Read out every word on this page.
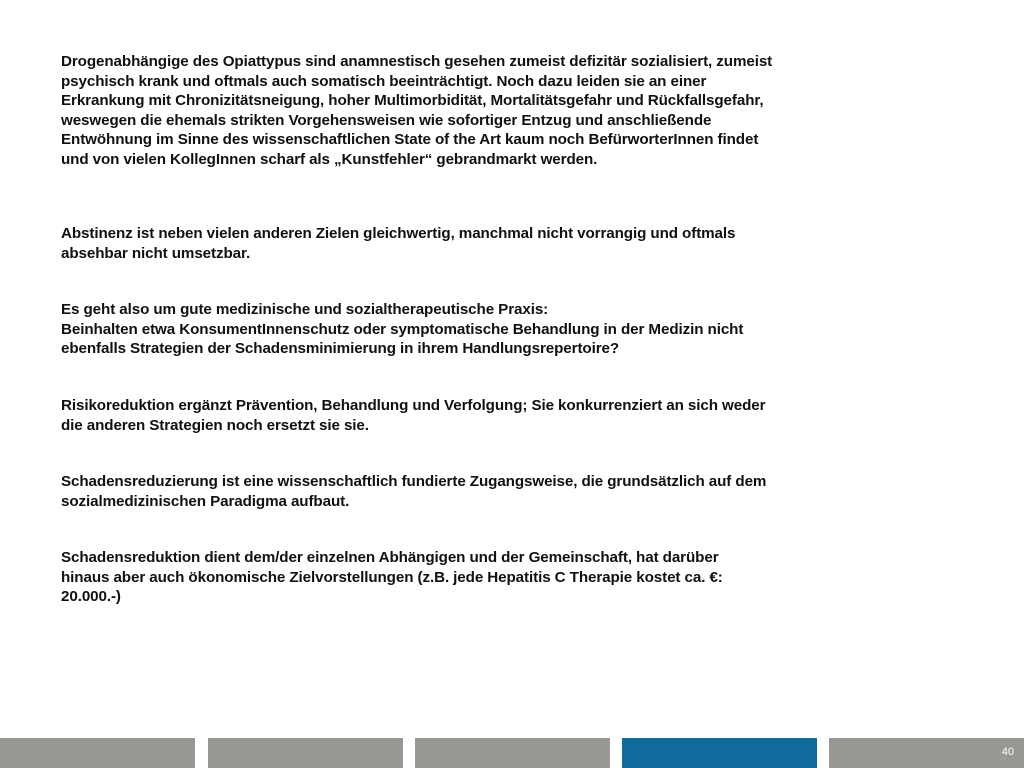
Drogenabhängige des Opiattypus sind anamnestisch gesehen zumeist defizitär sozialisiert, zumeist
psychisch krank und oftmals auch somatisch beeinträchtigt. Noch dazu leiden sie an einer
Erkrankung mit Chronizitätsneigung, hoher Multimorbidität, Mortalitätsgefahr und Rückfallsgefahr,
weswegen die ehemals strikten Vorgehensweisen wie sofortiger Entzug und anschließende
Entwöhnung im Sinne des wissenschaftlichen State of the Art kaum noch BefürworterInnen findet
und von vielen KollegInnen scharf als „Kunstfehler“ gebrandmarkt werden.

Abstinenz ist neben vielen anderen Zielen gleichwertig, manchmal nicht vorrangig und oftmals
absehbar nicht umsetzbar.

Es geht also um gute medizinische und sozialtherapeutische Praxis:
Beinhalten etwa KonsumentInnenschutz oder symptomatische Behandlung in der Medizin nicht
ebenfalls Strategien der Schadensminimierung in ihrem Handlungsrepertoire?

Risikoreduktion ergänzt Prävention, Behandlung und Verfolgung; Sie konkurrenziert an sich weder
die anderen Strategien noch ersetzt sie sie.

Schadensreduzierung ist eine wissenschaftlich fundierte Zugangsweise, die grundsätzlich auf dem
sozialmedizinischen Paradigma aufbaut.

Schadensreduktion dient dem/der einzelnen Abhängigen und der Gemeinschaft, hat darüber
hinaus aber auch ökonomische Zielvorstellungen (z.B. jede Hepatitis C Therapie kostet ca. €:
20.000.-)

40
